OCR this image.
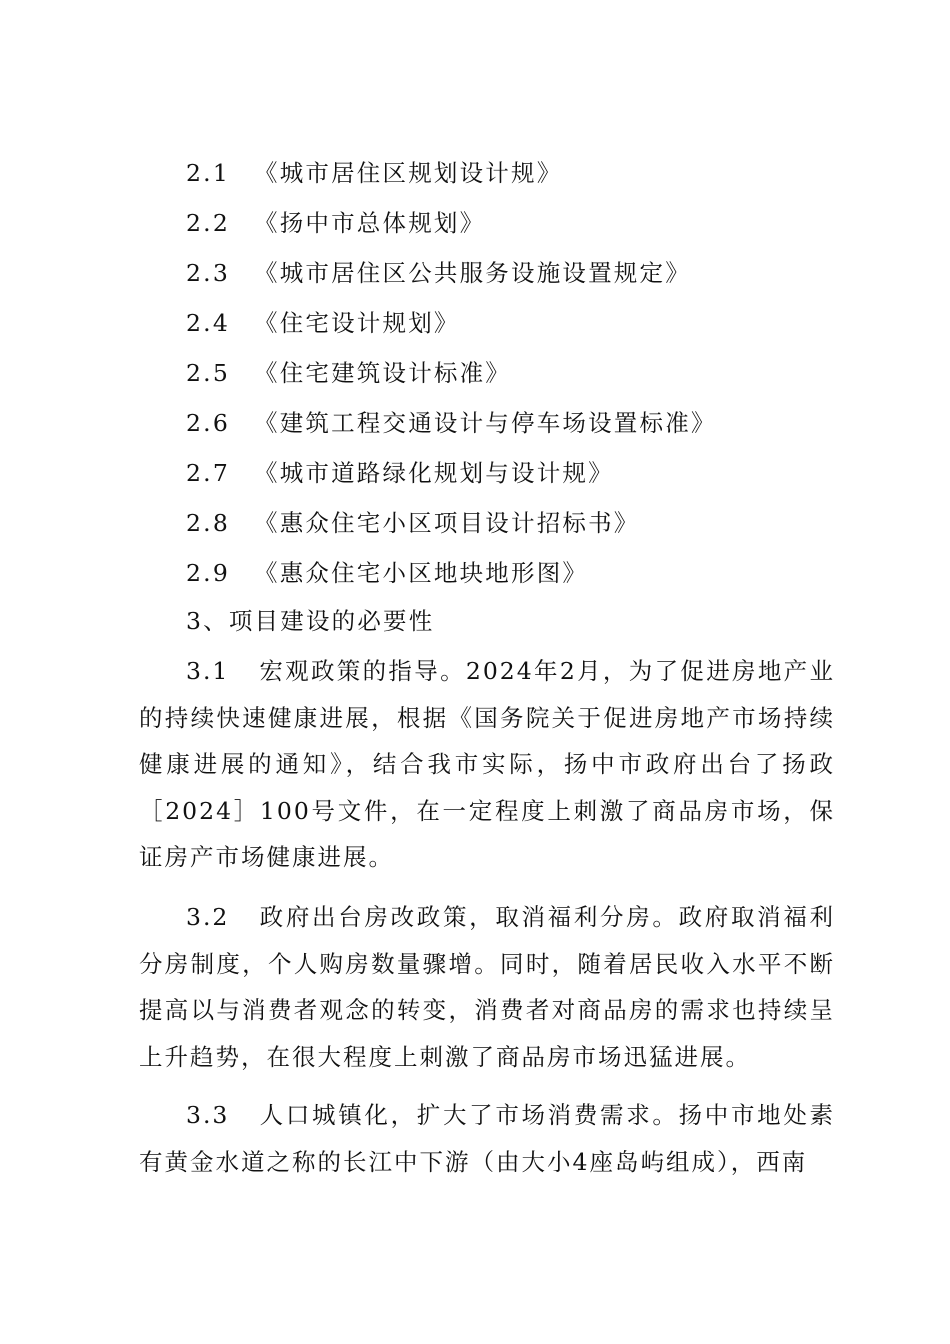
2.1 《城市居住区规划设计规》
2.2 《扬中市总体规划》
2.3 《城市居住区公共服务设施设置规定》
2.4 《住宅设计规划》
2.5 《住宅建筑设计标准》
2.6 《建筑工程交通设计与停车场设置标准》
2.7 《城市道路绿化规划与设计规》
2.8 《惠众住宅小区项目设计招标书》
2.9 《惠众住宅小区地块地形图》
3、项目建设的必要性
3.1 宏观政策的指导。2024年2月，为了促进房地产业的持续快速健康进展，根据《国务院关于促进房地产市场持续健康进展的通知》，结合我市实际，扬中市政府出台了扬政［2024］100号文件，在一定程度上刺激了商品房市场，保证房产市场健康进展。
3.2 政府出台房改政策，取消福利分房。政府取消福利分房制度，个人购房数量骤增。同时，随着居民收入水平不断提高以与消费者观念的转变，消费者对商品房的需求也持续呈上升趋势，在很大程度上刺激了商品房市场迅猛进展。
3.3 人口城镇化，扩大了市场消费需求。扬中市地处素有黄金水道之称的长江中下游（由大小4座岛屿组成），西南
